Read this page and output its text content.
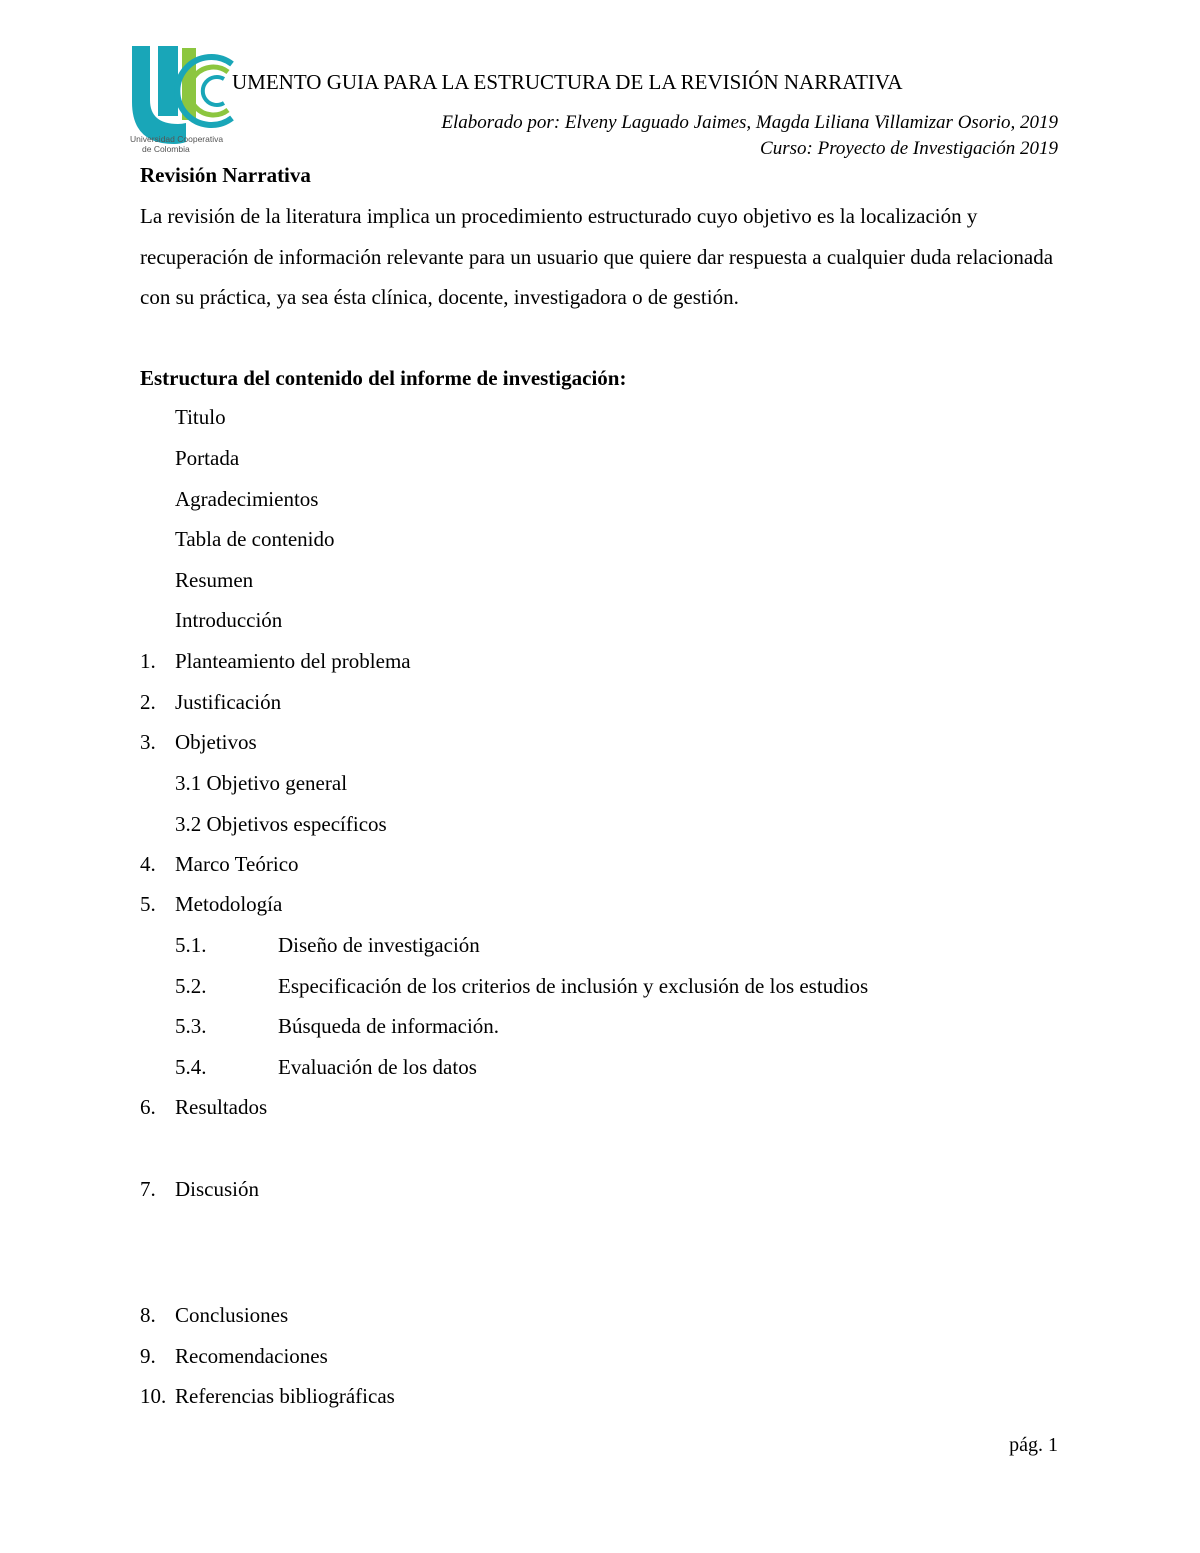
Universidad Cooperativa
de Colombia
UMENTO GUIA PARA LA ESTRUCTURA DE LA REVISIÓN NARRATIVA
Elaborado por: Elveny Laguado Jaimes, Magda Liliana Villamizar Osorio, 2019
Curso: Proyecto de Investigación 2019
Revisión Narrativa
La revisión de la literatura implica un procedimiento estructurado cuyo objetivo es la localización y recuperación de información relevante para un usuario que quiere dar respuesta a cualquier duda relacionada con su práctica, ya sea ésta clínica, docente, investigadora o de gestión.
Estructura del contenido del informe de investigación:
Titulo
Portada
Agradecimientos
Tabla de contenido
Resumen
Introducción
1. Planteamiento del problema
2. Justificación
3. Objetivos
3.1 Objetivo general
3.2 Objetivos específicos
4. Marco Teórico
5. Metodología
5.1.	Diseño de investigación
5.2.	Especificación de los criterios de inclusión y exclusión de los estudios
5.3.	Búsqueda de información.
5.4.	Evaluación de los datos
6. Resultados
7. Discusión
8. Conclusiones
9. Recomendaciones
10. Referencias bibliográficas
pág. 1
